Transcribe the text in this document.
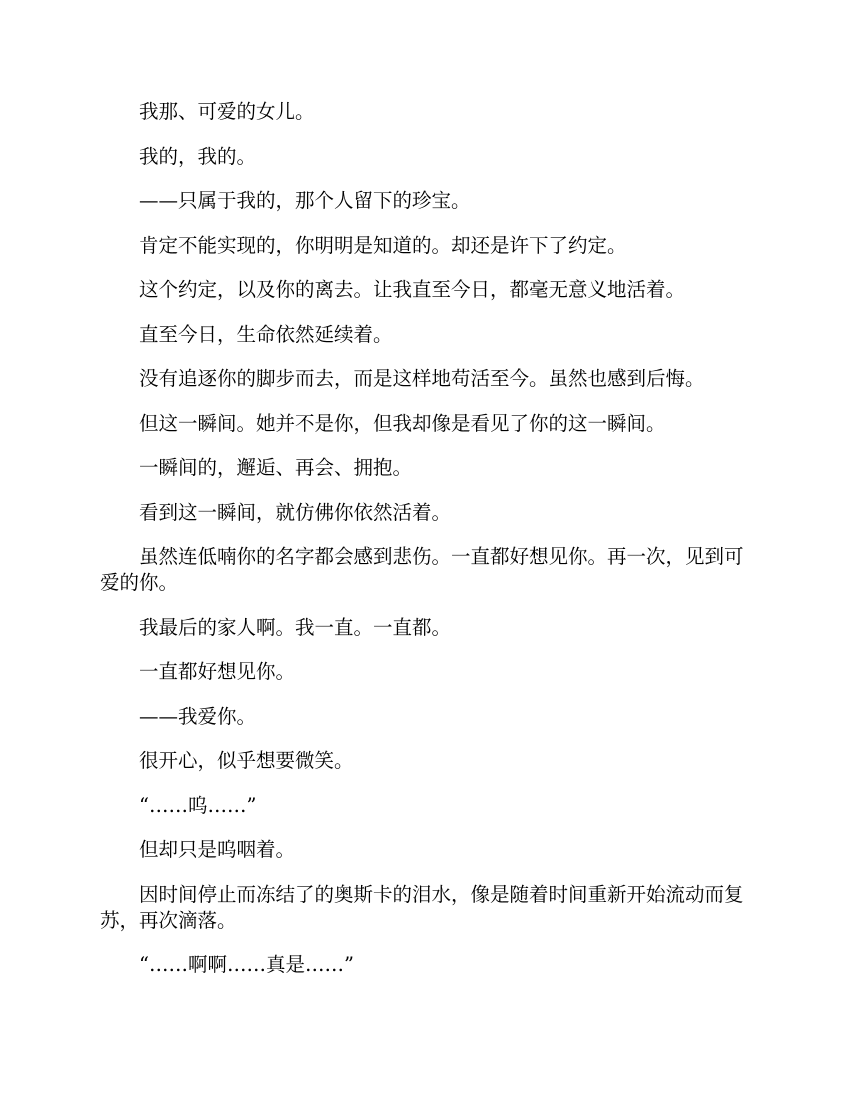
我那、可爱的女儿。

我的，我的。

——只属于我的，那个人留下的珍宝。

肯定不能实现的，你明明是知道的。却还是许下了约定。

这个约定，以及你的离去。让我直至今日，都毫无意义地活着。

直至今日，生命依然延续着。

没有追逐你的脚步而去，而是这样地苟活至今。虽然也感到后悔。

但这一瞬间。她并不是你，但我却像是看见了你的这一瞬间。

一瞬间的，邂逅、再会、拥抱。

看到这一瞬间，就仿佛你依然活着。

虽然连低喃你的名字都会感到悲伤。一直都好想见你。再一次，见到可爱的你。

我最后的家人啊。我一直。一直都。

一直都好想见你。

——我爱你。

很开心，似乎想要微笑。

“……呜……”

但却只是呜咽着。

因时间停止而冻结了的奥斯卡的泪水，像是随着时间重新开始流动而复苏，再次滴落。

“……啊啊……真是……”
